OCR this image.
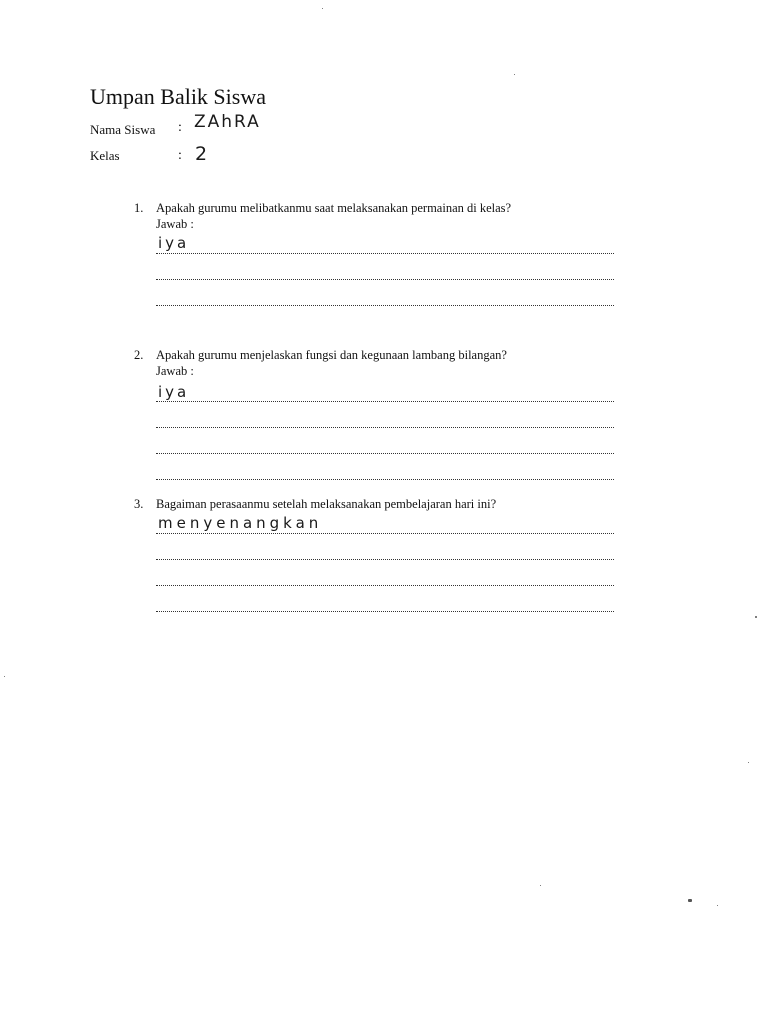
Umpan Balik Siswa
Nama Siswa : ZAhRA
Kelas	: 2
1. Apakah gurumu melibatkanmu saat melaksanakan permainan di kelas?
Jawab :
iya
2. Apakah gurumu menjelaskan fungsi dan kegunaan lambang bilangan?
Jawab :
iya
3. Bagaiman perasaanmu setelah melaksanakan pembelajaran hari ini?
menyenangkan
